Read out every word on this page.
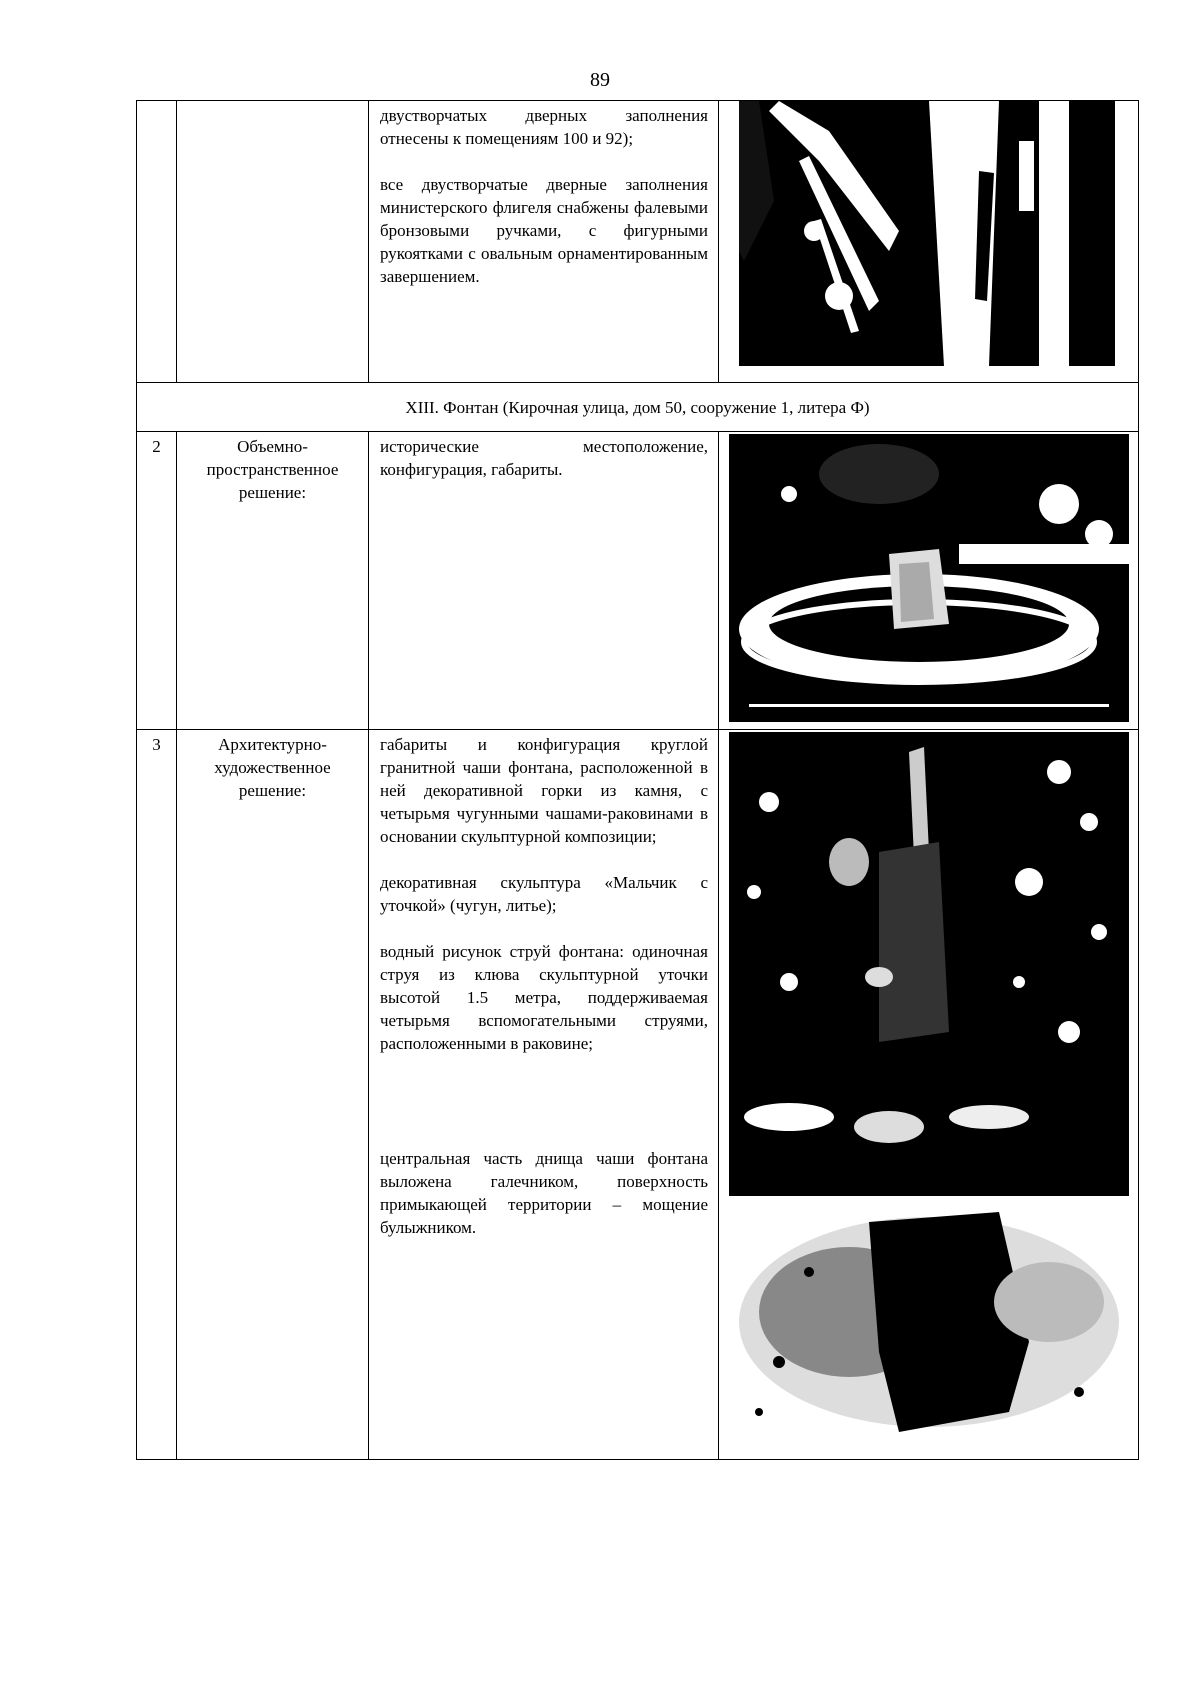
89

		двустворчатых дверных заполнения отнесены к помещениям 100 и 92);

все двустворчатые дверные заполнения министерского флигеля снабжены фалевыми бронзовыми ручками, с фигурными рукоятками с овальным орнаментированным завершением.

XIII. Фонтан (Кирочная улица, дом 50, сооружение 1, литера Ф)			

2	Объемно-пространственное решение:	исторические местоположение, конфигурация, габариты.

3	Архитектурно-художественное решение:	габариты и конфигурация круглой гранитной чаши фонтана, расположенной в ней декоративной горки из камня, с четырьмя чугунными чашами-раковинами в основании скульптурной композиции;

декоративная скульптура «Мальчик с уточкой» (чугун, литье);

водный рисунок струй фонтана: одиночная струя из клюва скульптурной уточки высотой 1.5 метра, поддерживаемая четырьмя вспомогательными струями, расположенными в раковине;

центральная часть днища чаши фонтана выложена галечником, поверхность примыкающей территории – мощение булыжником.
